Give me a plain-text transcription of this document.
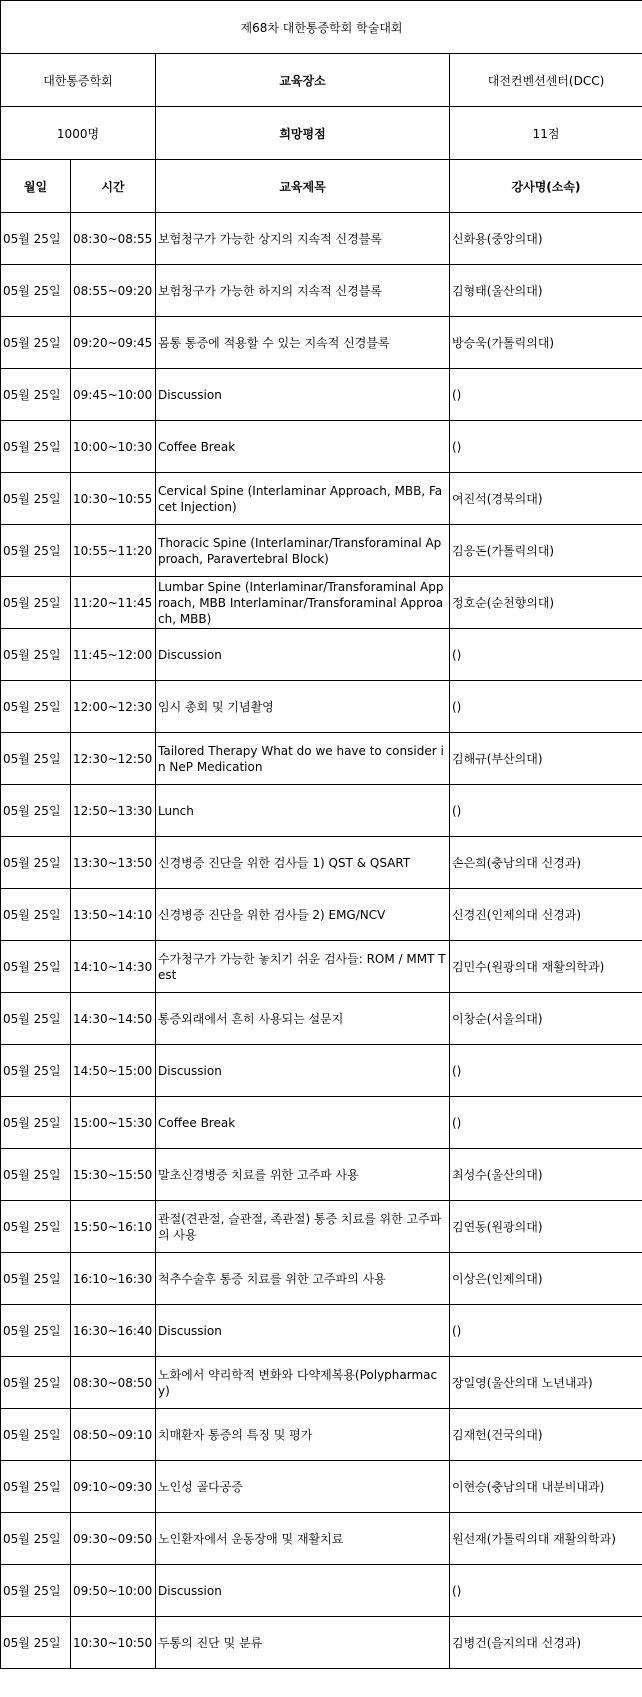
제68차 대한통증학회 학술대회			
대한통증학회		교육장소	대전컨벤션센터(DCC)
1000명		희망평점	11점
월일	시간	교육제목	강사명(소속)
05월 25일	08:30~08:55	보험청구가 가능한 상지의 지속적 신경블록	신화용(중앙의대)
05월 25일	08:55~09:20	보험청구가 가능한 하지의 지속적 신경블록	김형태(울산의대)
05월 25일	09:20~09:45	몸통 통증에 적용할 수 있는 지속적 신경블록	방승욱(가톨릭의대)
05월 25일	09:45~10:00	Discussion	()
05월 25일	10:00~10:30	Coffee Break	()
05월 25일	10:30~10:55	Cervical Spine (Interlaminar Approach, MBB, Facet Injection)	여진석(경북의대)
05월 25일	10:55~11:20	Thoracic Spine (Interlaminar/Transforaminal Approach, Paravertebral Block)	김응돈(가톨릭의대)
05월 25일	11:20~11:45	Lumbar Spine (Interlaminar/Transforaminal Approach, MBB Interlaminar/Transforaminal Approach, MBB)	정호순(순천향의대)
05월 25일	11:45~12:00	Discussion	()
05월 25일	12:00~12:30	임시 총회 및 기념촬영	()
05월 25일	12:30~12:50	Tailored Therapy What do we have to consider in NeP Medication	김해규(부산의대)
05월 25일	12:50~13:30	Lunch	()
05월 25일	13:30~13:50	신경병증 진단을 위한 검사들 1) QST & QSART	손은희(충남의대 신경과)
05월 25일	13:50~14:10	신경병증 진단을 위한 검사들 2) EMG/NCV	신경진(인제의대 신경과)
05월 25일	14:10~14:30	수가청구가 가능한 놓치기 쉬운 검사들: ROM / MMT Test	김민수(원광의대 재활의학과)
05월 25일	14:30~14:50	통증외래에서 흔히 사용되는 설문지	이창순(서울의대)
05월 25일	14:50~15:00	Discussion	()
05월 25일	15:00~15:30	Coffee Break	()
05월 25일	15:30~15:50	말초신경병증 치료를 위한 고주파 사용	최성수(울산의대)
05월 25일	15:50~16:10	관절(견관절, 슬관절, 족관절) 통증 치료를 위한 고주파의 사용	김연동(원광의대)
05월 25일	16:10~16:30	척추수술후 통증 치료를 위한 고주파의 사용	이상은(인제의대)
05월 25일	16:30~16:40	Discussion	()
05월 25일	08:30~08:50	노화에서 약리학적 변화와 다약제복용(Polypharmacy)	장일영(울산의대 노년내과)
05월 25일	08:50~09:10	치매환자 통증의 특징 및 평가	김재헌(건국의대)
05월 25일	09:10~09:30	노인성 골다공증	이현승(충남의대 내분비내과)
05월 25일	09:30~09:50	노인환자에서 운동장애 및 재활치료	원선재(가톨릭의대 재활의학과)
05월 25일	09:50~10:00	Discussion	()
05월 25일	10:30~10:50	두통의 진단 및 분류	김병건(을지의대 신경과)
